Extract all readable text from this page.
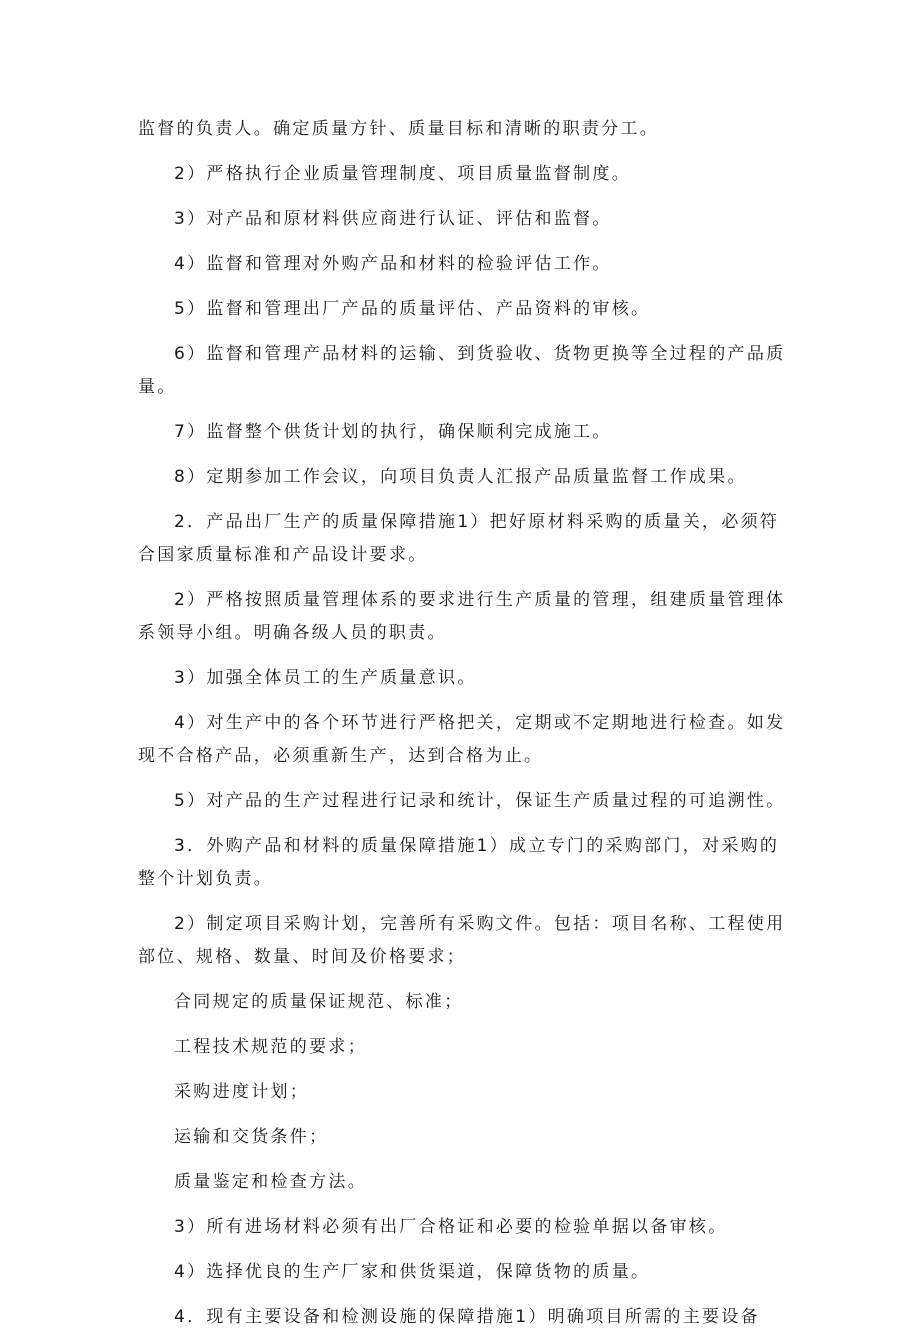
监督的负责人。确定质量方针、质量目标和清晰的职责分工。

2）严格执行企业质量管理制度、项目质量监督制度。

3）对产品和原材料供应商进行认证、评估和监督。

4）监督和管理对外购产品和材料的检验评估工作。

5）监督和管理出厂产品的质量评估、产品资料的审核。

6）监督和管理产品材料的运输、到货验收、货物更换等全过程的产品质量。

7）监督整个供货计划的执行，确保顺利完成施工。

8）定期参加工作会议，向项目负责人汇报产品质量监督工作成果。

2．产品出厂生产的质量保障措施1）把好原材料采购的质量关，必须符合国家质量标准和产品设计要求。

2）严格按照质量管理体系的要求进行生产质量的管理，组建质量管理体系领导小组。明确各级人员的职责。

3）加强全体员工的生产质量意识。

4）对生产中的各个环节进行严格把关，定期或不定期地进行检查。如发现不合格产品，必须重新生产，达到合格为止。

5）对产品的生产过程进行记录和统计，保证生产质量过程的可追溯性。

3．外购产品和材料的质量保障措施1）成立专门的采购部门，对采购的整个计划负责。

2）制定项目采购计划，完善所有采购文件。包括：项目名称、工程使用部位、规格、数量、时间及价格要求；

合同规定的质量保证规范、标准；

工程技术规范的要求；

采购进度计划；

运输和交货条件；

质量鉴定和检查方法。

3）所有进场材料必须有出厂合格证和必要的检验单据以备审核。

4）选择优良的生产厂家和供货渠道，保障货物的质量。

4．现有主要设备和检测设施的保障措施1）明确项目所需的主要设备
